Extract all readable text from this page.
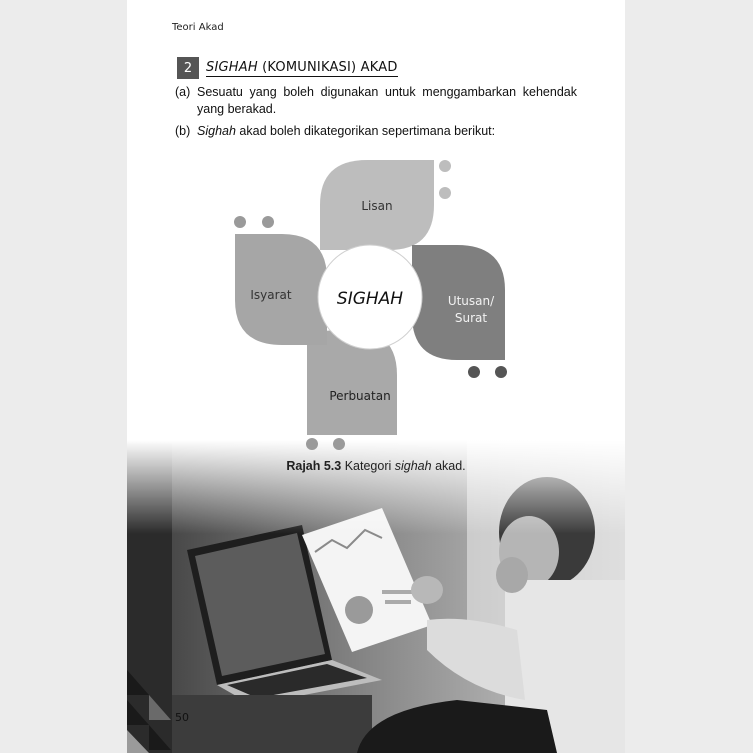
Teori Akad
2	SIGHAH (KOMUNIKASI) AKAD
(a) Sesuatu yang boleh digunakan untuk menggambarkan kehendak yang berakad.
(b) Sighah akad boleh dikategorikan sepertimana berikut:
SIGHAH
Lisan
Utusan/
Surat
Perbuatan
Isyarat
Rajah 5.3 Kategori sighah akad.
50
